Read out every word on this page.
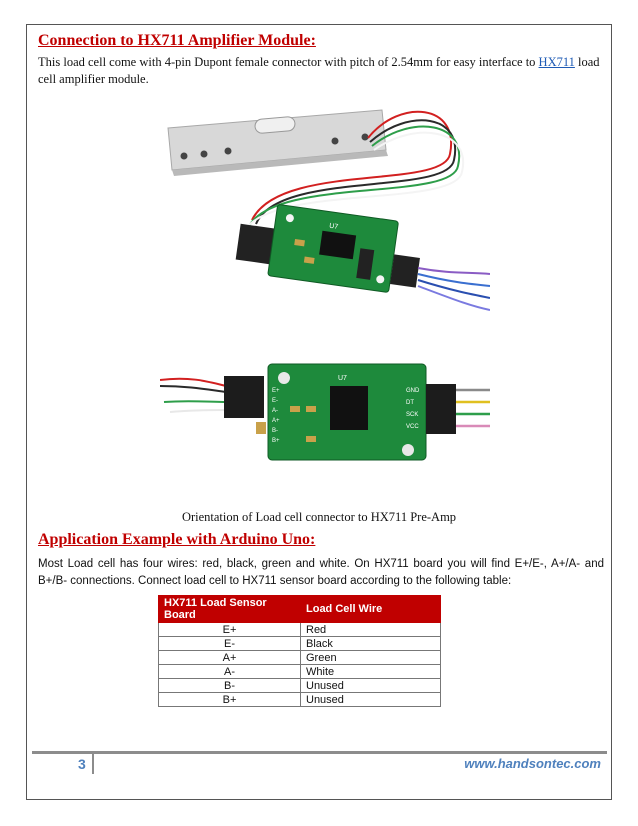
Connection to HX711 Amplifier Module:
This load cell come with 4-pin Dupont female connector with pitch of 2.54mm for easy interface to HX711 load cell amplifier module.
U7
U7
E+
E-
A-
A+
B-
B+
GND
DT
SCK
VCC
Orientation of Load cell connector to HX711 Pre-Amp
Application Example with Arduino Uno:
Most Load cell has four wires: red, black, green and white. On HX711 board you will find E+/E-, A+/A- and B+/B- connections. Connect load cell to HX711 sensor board according to the following table:
HX711 Load Sensor Board	Load Cell Wire
E+	Red
E-	Black
A+	Green
A-	White
B-	Unused
B+	Unused
3	www.handsontec.com
